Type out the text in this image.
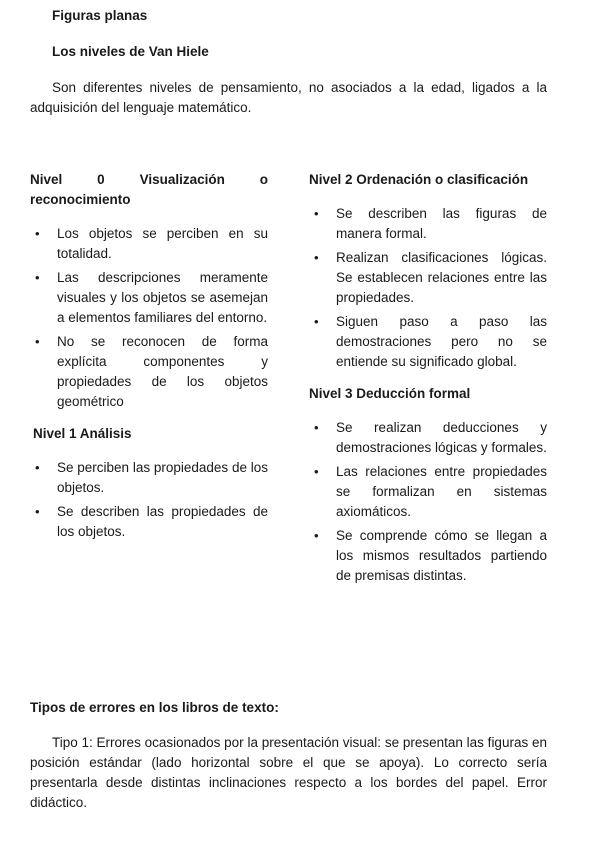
Figuras planas
Los niveles de Van Hiele

Son diferentes niveles de pensamiento, no asociados a la edad, ligados a la adquisición del lenguaje matemático.

Nivel 0 Visualización o reconocimiento
• Los objetos se perciben en su totalidad.
• Las descripciones meramente visuales y los objetos se asemejan a elementos familiares del entorno.
• No se reconocen de forma explícita componentes y propiedades de los objetos geométrico
Nivel 1 Análisis
• Se perciben las propiedades de los objetos.
• Se describen las propiedades de los objetos.
Nivel 2 Ordenación o clasificación
• Se describen las figuras de manera formal.
• Realizan clasificaciones lógicas. Se establecen relaciones entre las propiedades.
• Siguen paso a paso las demostraciones pero no se entiende su significado global.
Nivel 3 Deducción formal
• Se realizan deducciones y demostraciones lógicas y formales.
• Las relaciones entre propiedades se formalizan en sistemas axiomáticos.
• Se comprende cómo se llegan a los mismos resultados partiendo de premisas distintas.
Tipos de errores en los libros de texto:

Tipo 1: Errores ocasionados por la presentación visual: se presentan las figuras en posición estándar (lado horizontal sobre el que se apoya). Lo correcto sería presentarla desde distintas inclinaciones respecto a los bordes del papel. Error didáctico.
